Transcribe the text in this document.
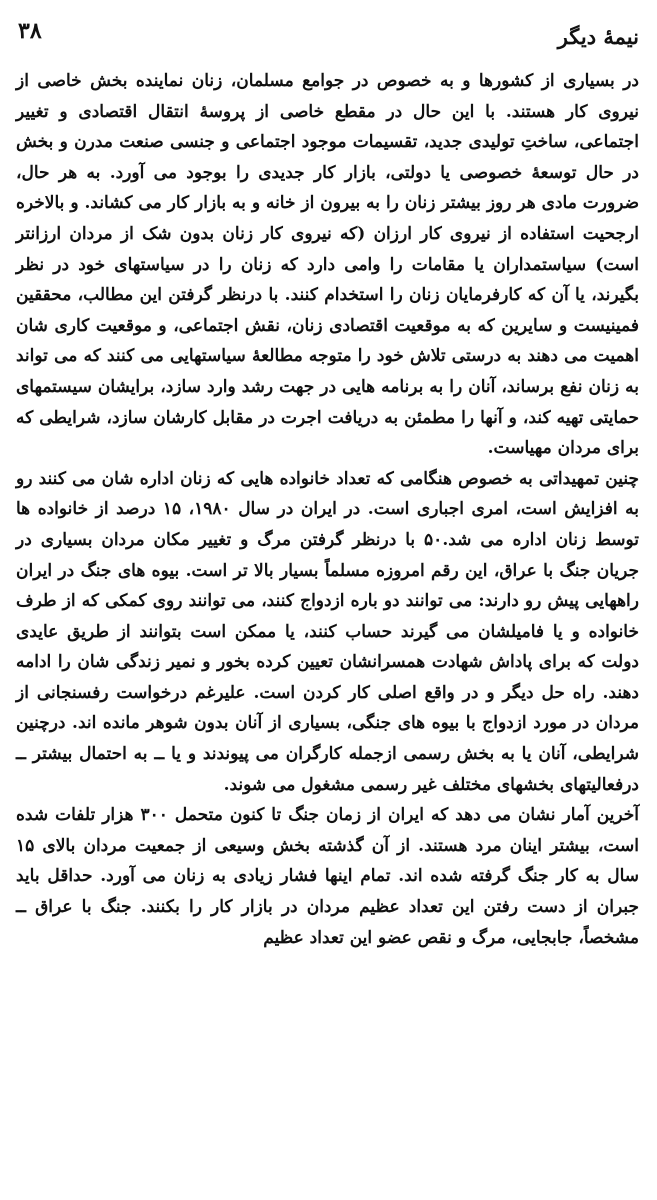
۳۸	نیمهٔ دیگر

در بسیاری از کشورها و به خصوص در جوامع مسلمان، زنان نماینده بخش خاصی از نیروی کار هستند. با این حال در مقطع خاصی از پروسهٔ انتقال اقتصادی و تغییر اجتماعی، ساختِ تولیدی جدید، تقسیمات موجود اجتماعی و جنسی صنعت مدرن و بخش در حال توسعهٔ خصوصی یا دولتی، بازار کار جدیدی را بوجود می آورد. به هر حال، ضرورت مادی هر روز بیشتر زنان را به بیرون از خانه و به بازار کار می کشاند. و بالاخره ارجحیت استفاده از نیروی کار ارزان (که نیروی کار زنان بدون شک از مردان ارزانتر است) سیاستمداران یا مقامات را وامی دارد که زنان را در سیاستهای خود در نظر بگیرند، یا آن که کارفرمایان زنان را استخدام کنند. با درنظر گرفتن این مطالب، محققین فمینیست و سایرین که به موقعیت اقتصادی زنان، نقش اجتماعی، و موقعیت کاری شان اهمیت می دهند به درستی تلاش خود را متوجه مطالعهٔ سیاستهایی می کنند که می تواند به زنان نفع برساند، آنان را به برنامه هایی در جهت رشد وارد سازد، برایشان سیستمهای حمایتی تهیه کند، و آنها را مطمئن به دریافت اجرت در مقابل کارشان سازد، شرایطی که برای مردان مهیاست.

چنین تمهیداتی به خصوص هنگامی که تعداد خانواده هایی که زنان اداره شان می کنند رو به افزایش است، امری اجباری است. در ایران در سال ۱۹۸۰، ۱۵ درصد از خانواده ها توسط زنان اداره می شد.۵۰ با درنظر گرفتن مرگ و تغییر مکان مردان بسیاری در جریان جنگ با عراق، این رقم امروزه مسلماً بسیار بالا تر است. بیوه های جنگ در ایران راههایی پیش رو دارند: می توانند دو باره ازدواج کنند، می توانند روی کمکی که از طرف خانواده و یا فامیلشان می گیرند حساب کنند، یا ممکن است بتوانند از طریق عایدی دولت که برای پاداش شهادت همسرانشان تعیین کرده بخور و نمیر زندگی شان را ادامه دهند. راه حل دیگر و در واقع اصلی کار کردن است. علیرغم درخواست رفسنجانی از مردان در مورد ازدواج با بیوه های جنگی، بسیاری از آنان بدون شوهر مانده اند. درچنین شرایطی، آنان یا به بخش رسمی ازجمله کارگران می پیوندند و یا ــ به احتمال بیشتر ــ درفعالیتهای بخشهای مختلف غیر رسمی مشغول می شوند.

آخرین آمار نشان می دهد که ایران از زمان جنگ تا کنون متحمل ۳۰۰ هزار تلفات شده است، بیشتر اینان مرد هستند. از آن گذشته بخش وسیعی از جمعیت مردان بالای ۱۵ سال به کار جنگ گرفته شده اند. تمام اینها فشار زیادی به زنان می آورد. حداقل باید جبران از دست رفتن این تعداد عظیم مردان در بازار کار را بکنند. جنگ با عراق ــ مشخصاً، جابجایی، مرگ و نقص عضو این تعداد عظیم
